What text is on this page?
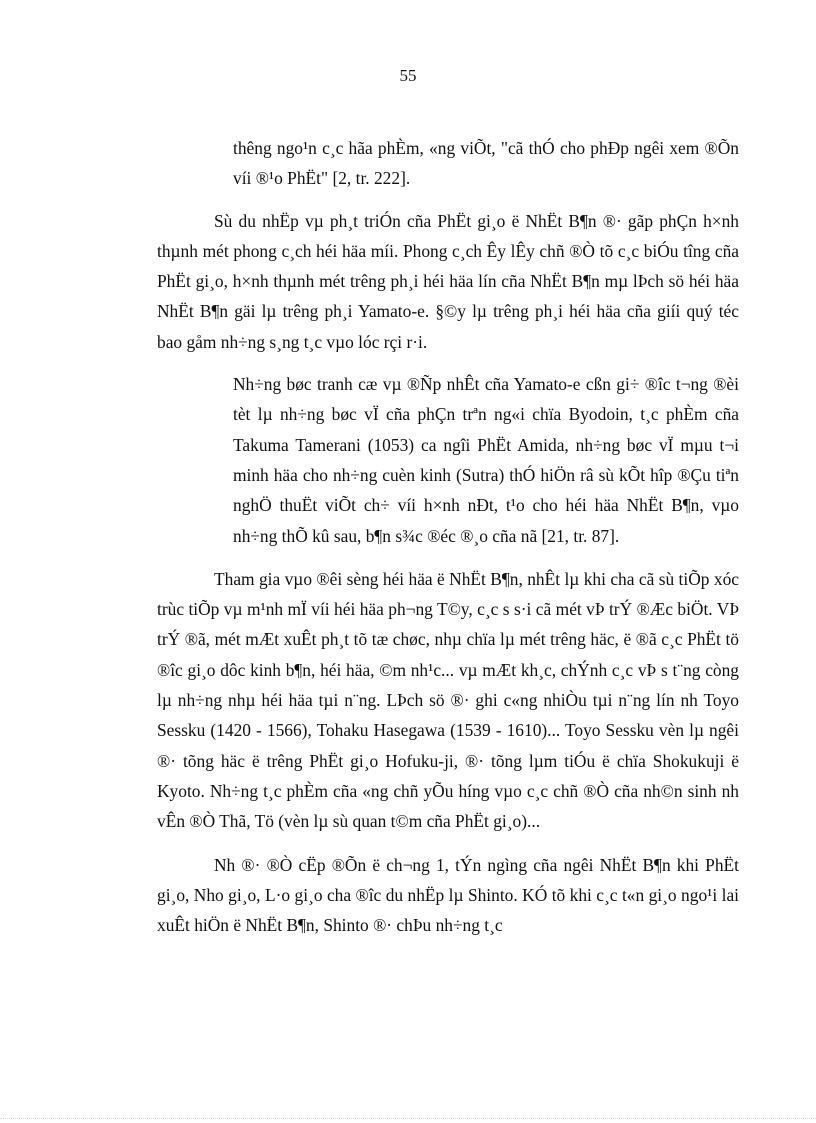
55

thêng ngo¹n c¸c hãa phÈm, «ng viÕt, "cã thÓ cho phÐp ngêi xem ®Õn víi ®¹o PhËt" [2, tr. 222].

Sù du nhËp vµ ph¸t triÓn cña PhËt gi¸o ë NhËt B¶n ®· gãp phÇn h×nh thµnh mét phong c¸ch héi häa míi. Phong c¸ch Êy lÊy chñ ®Ò tõ c¸c biÓu tîng cña PhËt gi¸o, h×nh thµnh mét trêng ph¸i héi häa lín cña NhËt B¶n mµ lÞch sö héi häa NhËt B¶n gäi lµ trêng ph¸i Yamato-e. §©y lµ trêng ph¸i héi häa cña giíi quý téc bao gåm nh÷ng s¸ng t¸c vµo lóc rçi r·i.

Nh÷ng bøc tranh cæ vµ ®Ñp nhÊt cña Yamato-e cßn gi÷ ®îc t¬ng ®èi tèt lµ nh÷ng bøc vÏ cña phÇn trªn ng«i chïa Byodoin, t¸c phÈm cña Takuma Tamerani (1053) ca ngîi PhËt Amida, nh÷ng bøc vÏ mµu t¬i minh häa cho nh÷ng cuèn kinh (Sutra) thÓ hiÖn râ sù kÕt hîp ®Çu tiªn nghÖ thuËt viÕt ch÷ víi h×nh nÐt, t¹o cho héi häa NhËt B¶n, vµo nh÷ng thÕ kû sau, b¶n s¾c ®éc ®¸o cña nã [21, tr. 87].

Tham gia vµo ®êi sèng héi häa ë NhËt B¶n, nhÊt lµ khi cha cã sù tiÕp xóc trùc tiÕp vµ m¹nh mÏ víi héi häa ph¬ng T©y, c¸c s s·i cã mét vÞ trÝ ®Æc biÖt. VÞ trÝ ®ã, mét mÆt xuÊt ph¸t tõ tæ chøc, nhµ chïa lµ mét trêng häc, ë ®ã c¸c PhËt tö ®îc gi¸o dôc kinh b¶n, héi häa, ©m nh¹c... vµ mÆt kh¸c, chÝnh c¸c vÞ s t¨ng còng lµ nh÷ng nhµ héi häa tµi n¨ng. LÞch sö ®· ghi c«ng nhiÒu tµi n¨ng lín nh Toyo Sessku (1420 - 1566), Tohaku Hasegawa (1539 - 1610)... Toyo Sessku vèn lµ ngêi ®· tõng häc ë trêng PhËt gi¸o Hofuku-ji, ®· tõng lµm tiÓu ë chïa Shokukuji ë Kyoto. Nh÷ng t¸c phÈm cña «ng chñ yÕu híng vµo c¸c chñ ®Ò cña nh©n sinh nh vÊn ®Ò Thã, Tö (vèn lµ sù quan t©m cña PhËt gi¸o)...

Nh ®· ®Ò cËp ®Õn ë ch¬ng 1, tÝn ngìng cña ngêi NhËt B¶n khi PhËt gi¸o, Nho gi¸o, L·o gi¸o cha ®îc du nhËp lµ Shinto. KÓ tõ khi c¸c t«n gi¸o ngo¹i lai xuÊt hiÖn ë NhËt B¶n, Shinto ®· chÞu nh÷ng t¸c
